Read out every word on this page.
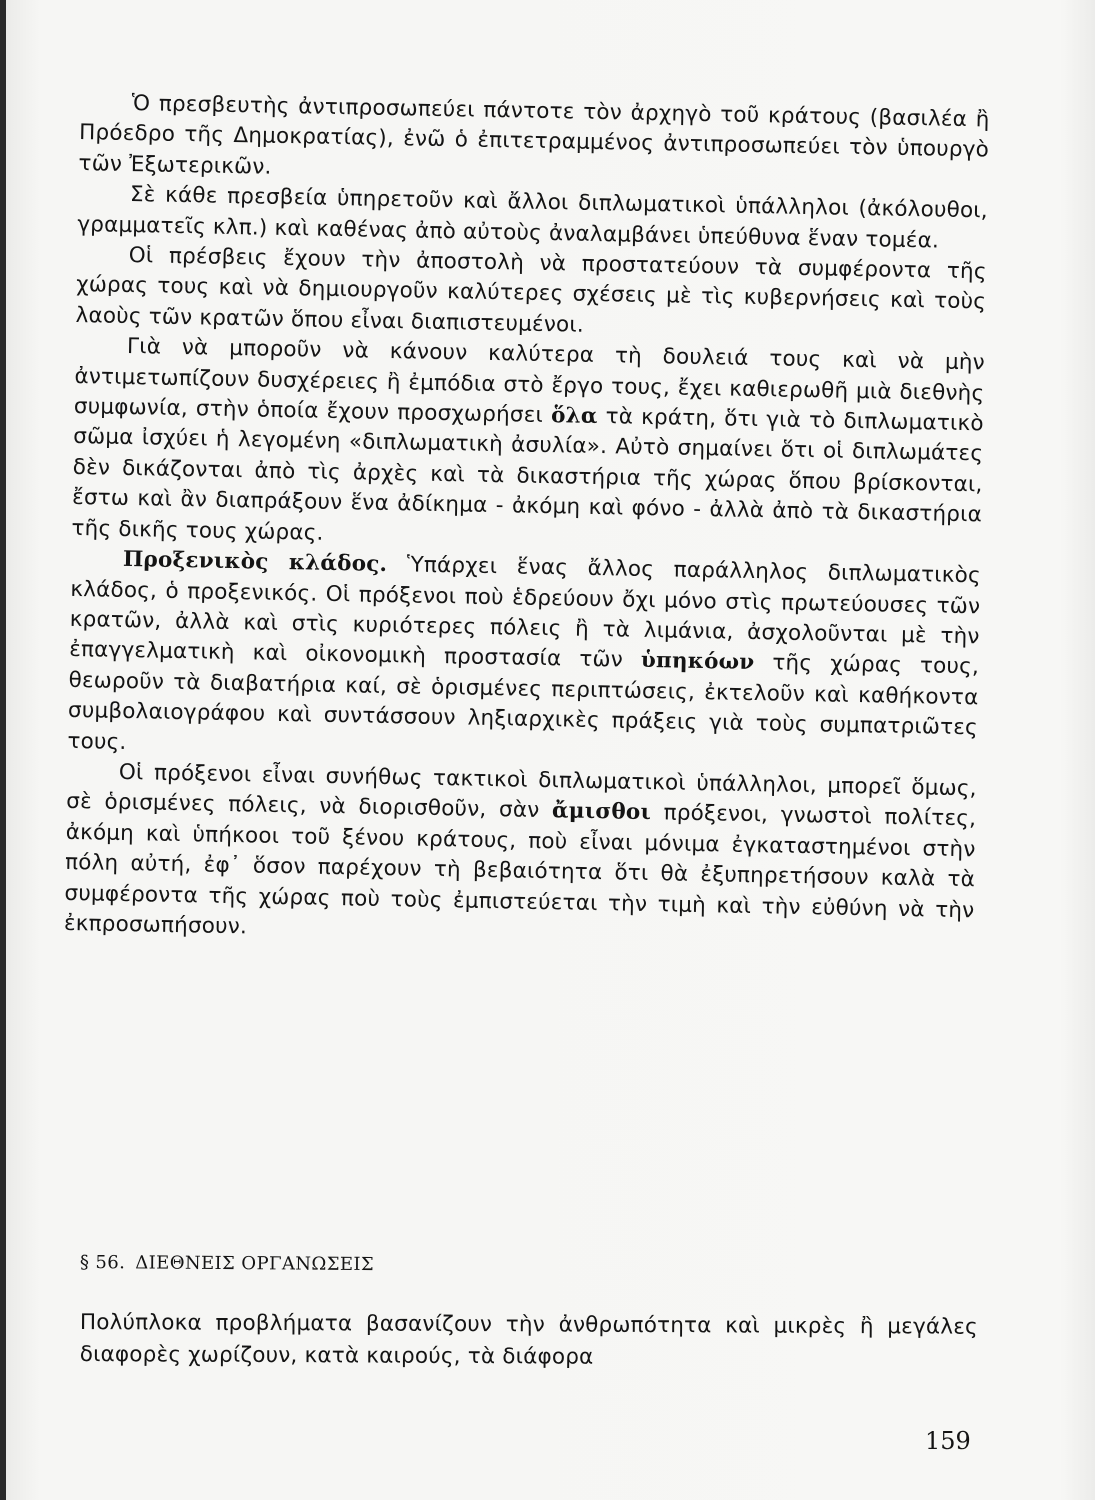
Ὁ πρεσβευτὴς ἀντιπροσωπεύει πάντοτε τὸν ἀρχηγὸ τοῦ κράτους (βασιλέα ἢ Πρόεδρο τῆς Δημοκρατίας), ἐνῶ ὁ ἐπιτετραμμένος ἀντιπροσωπεύει τὸν ὑπουργὸ τῶν Ἐξωτερικῶν.

Σὲ κάθε πρεσβεία ὑπηρετοῦν καὶ ἄλλοι διπλωματικοὶ ὑπάλληλοι (ἀκόλουθοι, γραμματεῖς κλπ.) καὶ καθένας ἀπὸ αὐτοὺς ἀναλαμβάνει ὑπεύθυνα ἕναν τομέα.

Οἱ πρέσβεις ἔχουν τὴν ἀποστολὴ νὰ προστατεύουν τὰ συμφέροντα τῆς χώρας τους καὶ νὰ δημιουργοῦν καλύτερες σχέσεις μὲ τὶς κυβερνήσεις καὶ τοὺς λαοὺς τῶν κρατῶν ὅπου εἶναι διαπιστευμένοι.

Γιὰ νὰ μποροῦν νὰ κάνουν καλύτερα τὴ δουλειά τους καὶ νὰ μὴν ἀντιμετωπίζουν δυσχέρειες ἢ ἐμπόδια στὸ ἔργο τους, ἔχει καθιερωθῆ μιὰ διεθνὴς συμφωνία, στὴν ὁποία ἔχουν προσχωρήσει ὅλα τὰ κράτη, ὅτι γιὰ τὸ διπλωματικὸ σῶμα ἰσχύει ἡ λεγομένη «διπλωματικὴ ἀσυλία». Αὐτὸ σημαίνει ὅτι οἱ διπλωμάτες δὲν δικάζονται ἀπὸ τὶς ἀρχὲς καὶ τὰ δικαστήρια τῆς χώρας ὅπου βρίσκονται, ἔστω καὶ ἂν διαπράξουν ἕνα ἀδίκημα - ἀκόμη καὶ φόνο - ἀλλὰ ἀπὸ τὰ δικαστήρια τῆς δικῆς τους χώρας.

Προξενικὸς κλάδος. Ὑπάρχει ἕνας ἄλλος παράλληλος διπλωματικὸς κλάδος, ὁ προξενικός. Οἱ πρόξενοι ποὺ ἑδρεύουν ὄχι μόνο στὶς πρωτεύουσες τῶν κρατῶν, ἀλλὰ καὶ στὶς κυριότερες πόλεις ἢ τὰ λιμάνια, ἀσχολοῦνται μὲ τὴν ἐπαγγελματικὴ καὶ οἰκονομικὴ προστασία τῶν ὑπηκόων τῆς χώρας τους, θεωροῦν τὰ διαβατήρια καί, σὲ ὁρισμένες περιπτώσεις, ἐκτελοῦν καὶ καθήκοντα συμβολαιογράφου καὶ συντάσσουν ληξιαρχικὲς πράξεις γιὰ τοὺς συμπατριῶτες τους.

Οἱ πρόξενοι εἶναι συνήθως τακτικοὶ διπλωματικοὶ ὑπάλληλοι, μπορεῖ ὅμως, σὲ ὁρισμένες πόλεις, νὰ διορισθοῦν, σὰν ἄμισθοι πρόξενοι, γνωστοὶ πολίτες, ἀκόμη καὶ ὑπήκοοι τοῦ ξένου κράτους, ποὺ εἶναι μόνιμα ἐγκαταστημένοι στὴν πόλη αὐτή, ἐφ᾽ ὅσον παρέχουν τὴ βεβαιότητα ὅτι θὰ ἐξυπηρετήσουν καλὰ τὰ συμφέροντα τῆς χώρας ποὺ τοὺς ἐμπιστεύεται τὴν τιμὴ καὶ τὴν εὐθύνη νὰ τὴν ἐκπροσωπήσουν.

§ 56. ΔΙΕΘΝΕΙΣ ΟΡΓΑΝΩΣΕΙΣ

Πολύπλοκα προβλήματα βασανίζουν τὴν ἀνθρωπότητα καὶ μικρὲς ἢ μεγάλες διαφορὲς χωρίζουν, κατὰ καιρούς, τὰ διάφορα

159
